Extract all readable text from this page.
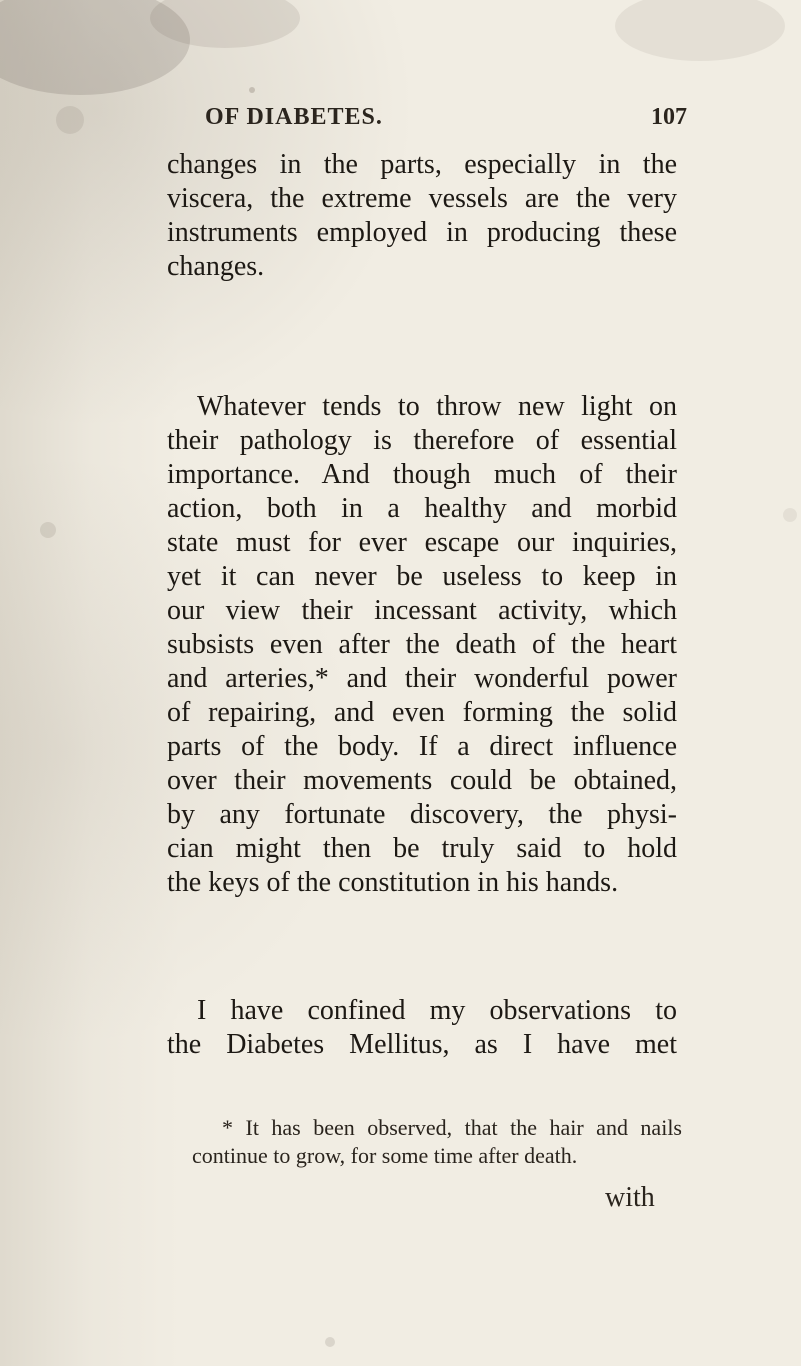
OF DIABETES.	107
changes in the parts, especially in the
viscera, the extreme vessels are the very
instruments employed in producing these
changes.
Whatever tends to throw new light on
their pathology is therefore of essential
importance. And though much of their
action, both in a healthy and morbid
state must for ever escape our inquiries,
yet it can never be useless to keep in
our view their incessant activity, which
subsists even after the death of the heart
and arteries,* and their wonderful power
of repairing, and even forming the solid
parts of the body. If a direct influence
over their movements could be obtained,
by any fortunate discovery, the physi-
cian might then be truly said to hold
the keys of the constitution in his hands.
I have confined my observations to
the Diabetes Mellitus, as I have met
* It has been observed, that the hair and nails
continue to grow, for some time after death.
with
